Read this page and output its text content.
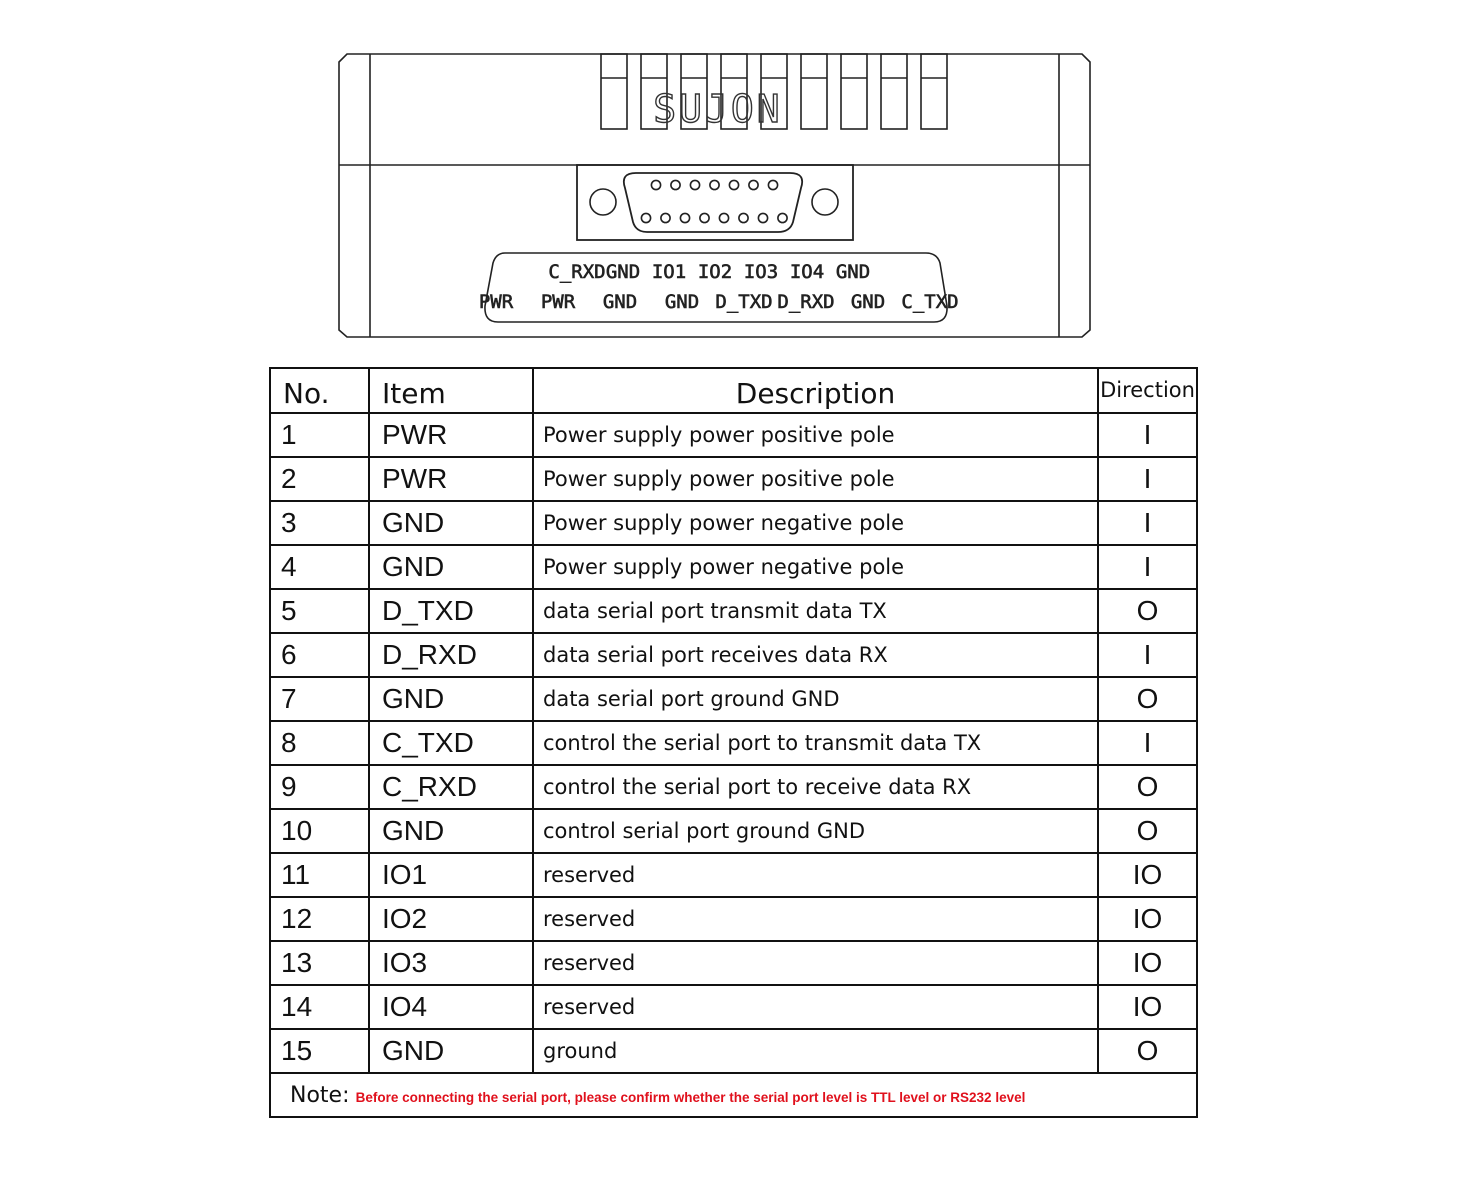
C_RXDGND IO1 IO2 IO3 IO4 GND
PWR PWR GND GND D_TXD D_RXD GND C_TXD
SUJON
No.	Item	Description	Direction
1	PWR	Power supply power positive pole	I
2	PWR	Power supply power positive pole	I
3	GND	Power supply power negative pole	I
4	GND	Power supply power negative pole	I
5	D_TXD	data serial port transmit data TX	O
6	D_RXD	data serial port receives data RX	I
7	GND	data serial port ground GND	O
8	C_TXD	control the serial port to transmit data TX	I
9	C_RXD	control the serial port to receive data RX	O
10	GND	control serial port ground GND	O
11	IO1	reserved	IO
12	IO2	reserved	IO
13	IO3	reserved	IO
14	IO4	reserved	IO
15	GND	ground	O
Note: Before connecting the serial port, please confirm whether the serial port level is TTL level or RS232 level			
